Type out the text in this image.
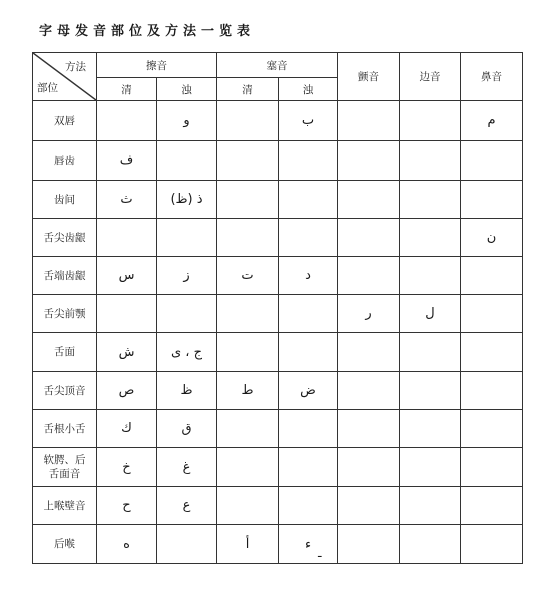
字母发音部位及方法一览表
方法
部位	擦音		塞音		颤音	边音	鼻音
	清	浊	清	浊			
双唇		و		ب			م
唇齿	ف						
齿间	ث	ذ (ظ)					
舌尖齿龈							ن
舌端齿龈	س	ز	ت	د			
舌尖前颚					ر	ل	
舌面	ش	ج ، ى					
舌尖顶音	ص	ظ	ط	ض			
舌根小舌	ك	ق					
软腭、后
舌面音	خ	غ					
上喉壁音	ح	ع					
后喉	ه		أ	ء			
ـ
